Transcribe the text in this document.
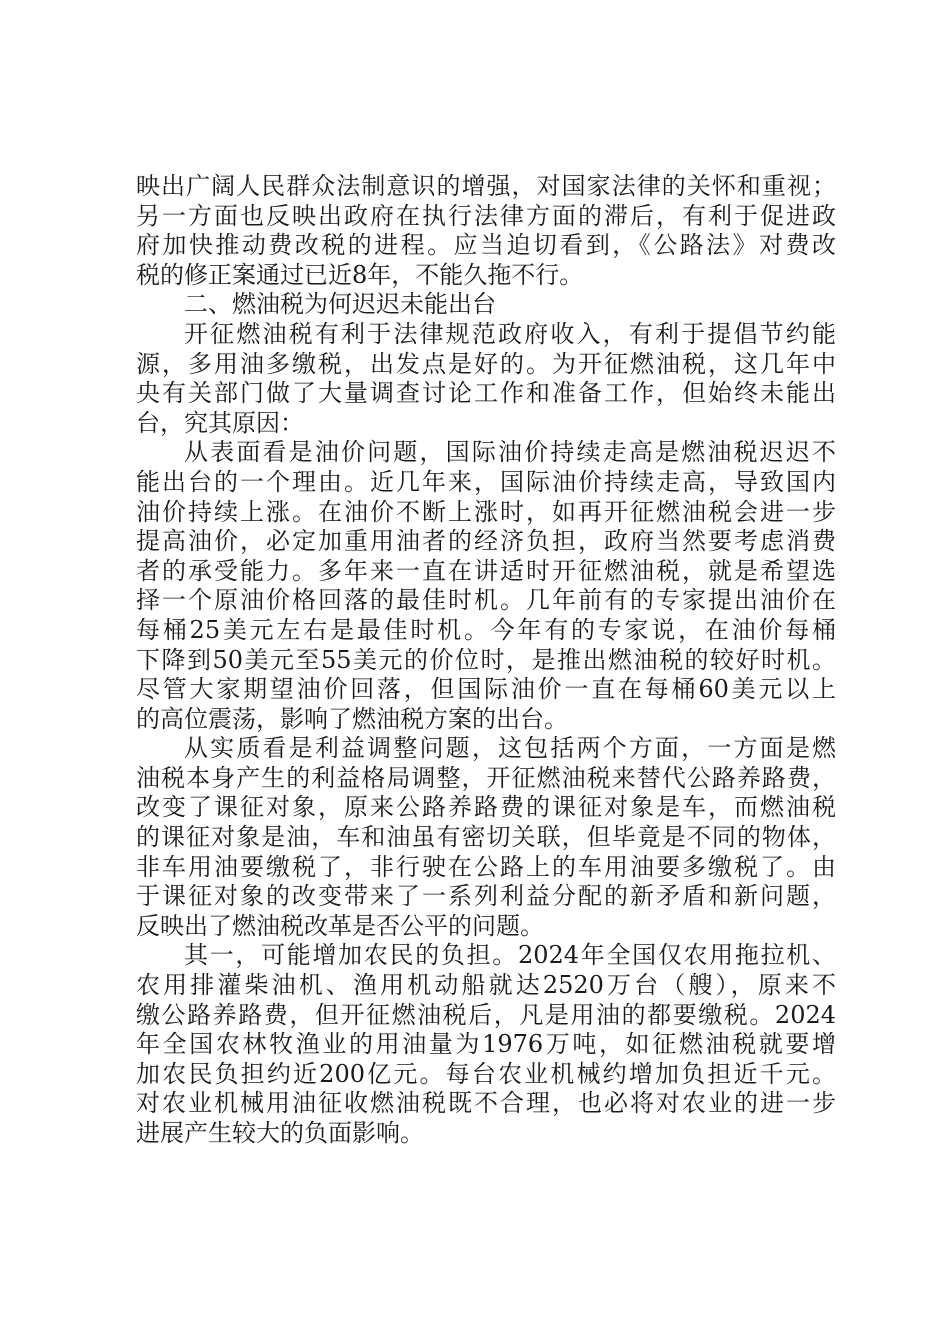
映出广阔人民群众法制意识的增强，对国家法律的关怀和重视；
另一方面也反映出政府在执行法律方面的滞后，有利于促进政
府加快推动费改税的进程。应当迫切看到，《公路法》对费改
税的修正案通过已近8年，不能久拖不行。
二、燃油税为何迟迟未能出台
开征燃油税有利于法律规范政府收入，有利于提倡节约能
源，多用油多缴税，出发点是好的。为开征燃油税，这几年中
央有关部门做了大量调查讨论工作和准备工作，但始终未能出
台，究其原因：
从表面看是油价问题，国际油价持续走高是燃油税迟迟不
能出台的一个理由。近几年来，国际油价持续走高，导致国内
油价持续上涨。在油价不断上涨时，如再开征燃油税会进一步
提高油价，必定加重用油者的经济负担，政府当然要考虑消费
者的承受能力。多年来一直在讲适时开征燃油税，就是希望选
择一个原油价格回落的最佳时机。几年前有的专家提出油价在
每桶25美元左右是最佳时机。今年有的专家说，在油价每桶
下降到50美元至55美元的价位时，是推出燃油税的较好时机。
尽管大家期望油价回落，但国际油价一直在每桶60美元以上
的高位震荡，影响了燃油税方案的出台。
从实质看是利益调整问题，这包括两个方面，一方面是燃
油税本身产生的利益格局调整，开征燃油税来替代公路养路费，
改变了课征对象，原来公路养路费的课征对象是车，而燃油税
的课征对象是油，车和油虽有密切关联，但毕竟是不同的物体，
非车用油要缴税了，非行驶在公路上的车用油要多缴税了。由
于课征对象的改变带来了一系列利益分配的新矛盾和新问题，
反映出了燃油税改革是否公平的问题。
其一，可能增加农民的负担。2024年全国仅农用拖拉机、
农用排灌柴油机、渔用机动船就达2520万台（艘），原来不
缴公路养路费，但开征燃油税后，凡是用油的都要缴税。2024
年全国农林牧渔业的用油量为1976万吨，如征燃油税就要增
加农民负担约近200亿元。每台农业机械约增加负担近千元。
对农业机械用油征收燃油税既不合理，也必将对农业的进一步
进展产生较大的负面影响。
